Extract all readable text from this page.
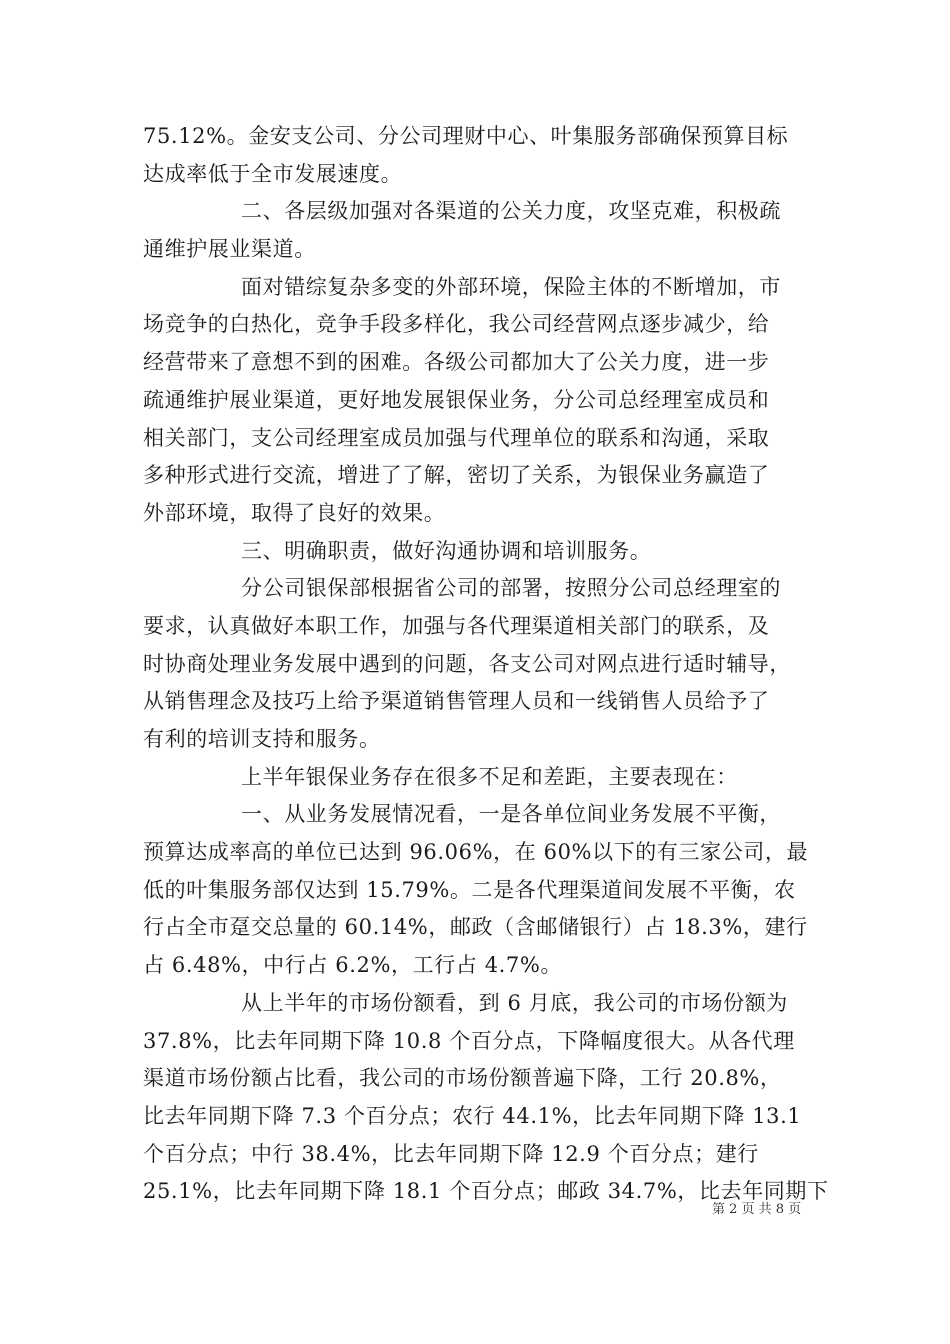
75.12%。金安支公司、分公司理财中心、叶集服务部确保预算目标
达成率低于全市发展速度。
二、各层级加强对各渠道的公关力度，攻坚克难，积极疏
通维护展业渠道。
面对错综复杂多变的外部环境，保险主体的不断增加，市
场竞争的白热化，竞争手段多样化，我公司经营网点逐步减少，给
经营带来了意想不到的困难。各级公司都加大了公关力度，进一步
疏通维护展业渠道，更好地发展银保业务，分公司总经理室成员和
相关部门，支公司经理室成员加强与代理单位的联系和沟通，采取
多种形式进行交流，增进了了解，密切了关系，为银保业务赢造了
外部环境，取得了良好的效果。
三、明确职责，做好沟通协调和培训服务。
分公司银保部根据省公司的部署，按照分公司总经理室的
要求，认真做好本职工作，加强与各代理渠道相关部门的联系，及
时协商处理业务发展中遇到的问题，各支公司对网点进行适时辅导，
从销售理念及技巧上给予渠道销售管理人员和一线销售人员给予了
有利的培训支持和服务。
上半年银保业务存在很多不足和差距，主要表现在：
一、从业务发展情况看，一是各单位间业务发展不平衡，
预算达成率高的单位已达到 96.06%，在 60%以下的有三家公司，最
低的叶集服务部仅达到 15.79%。二是各代理渠道间发展不平衡，农
行占全市趸交总量的 60.14%，邮政（含邮储银行）占 18.3%，建行
占 6.48%，中行占 6.2%，工行占 4.7%。
从上半年的市场份额看，到 6 月底，我公司的市场份额为
37.8%，比去年同期下降 10.8 个百分点，下降幅度很大。从各代理
渠道市场份额占比看，我公司的市场份额普遍下降，工行 20.8%，
比去年同期下降 7.3 个百分点；农行 44.1%，比去年同期下降 13.1
个百分点；中行 38.4%，比去年同期下降 12.9 个百分点；建行
25.1%，比去年同期下降 18.1 个百分点；邮政 34.7%，比去年同期下
第 2 页 共 8 页
